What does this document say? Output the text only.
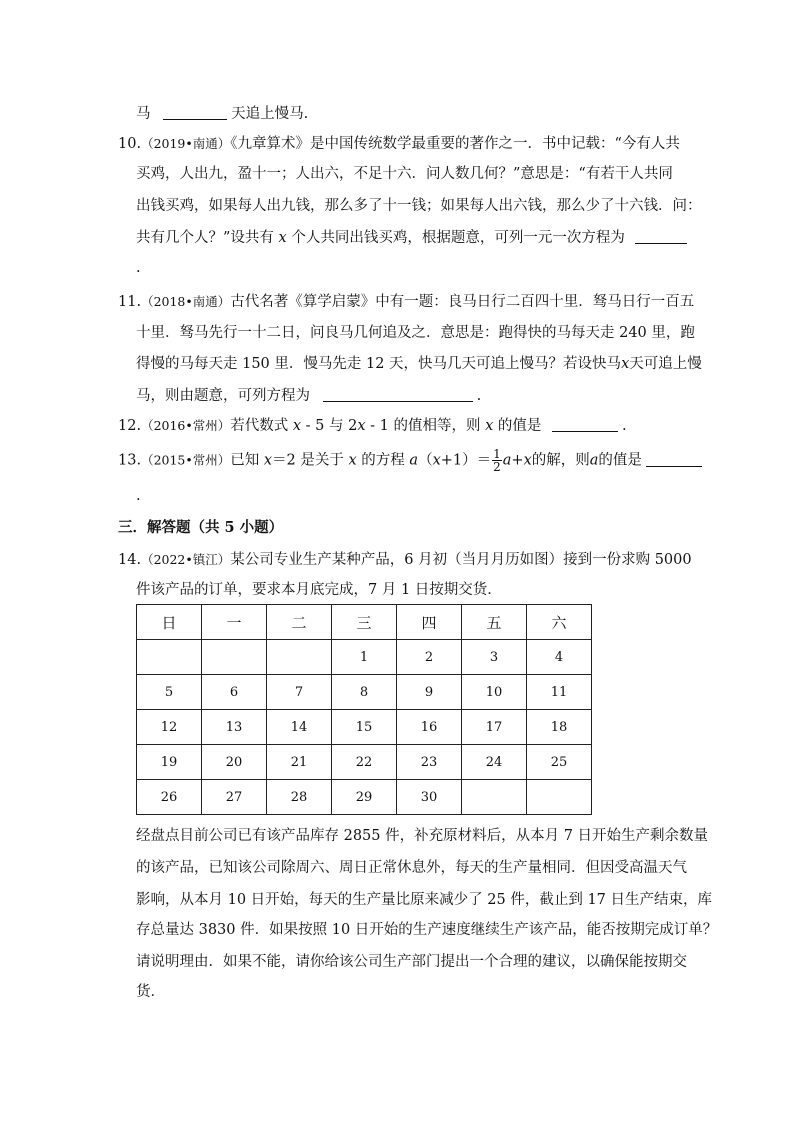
马	天追上慢马.
10.（2019•南通）《九章算术》是中国传统数学最重要的著作之一．书中记载：“今有人共
买鸡，人出九，盈十一；人出六，不足十六．问人数几何？”意思是：“有若干人共同
出钱买鸡，如果每人出九钱，那么多了十一钱；如果每人出六钱，那么少了十六钱．问：
共有几个人？”设共有 x 个人共同出钱买鸡，根据题意，可列一元一次方程为
.
11.（2018•南通）古代名著《算学启蒙》中有一题：良马日行二百四十里．驽马日行一百五
十里．驽马先行一十二日，问良马几何追及之．意思是：跑得快的马每天走 240 里，跑
得慢的马每天走 150 里．慢马先走 12 天，快马几天可追上慢马？若设快马x天可追上慢
马，则由题意，可列方程为	.
12.（2016•常州）若代数式 x - 5 与 2x - 1 的值相等，则 x 的值是	.
13.（2015•常州）已知 x＝2 是关于 x 的方程 $a(x+1)= \frac{1}{2} a+x$的解，则a的值是
.
三．解答题（共 5 小题）
14.（2022•镇江）某公司专业生产某种产品，6 月初（当月月历如图）接到一份求购 5000
件该产品的订单，要求本月底完成，7 月 1 日按期交货．
日	一	二	三	四	五	六
			1	2	3	4
5	6	7	8	9	10	11
12	13	14	15	16	17	18
19	20	21	22	23	24	25
26	27	28	29	30		
经盘点目前公司已有该产品库存 2855 件，补充原材料后，从本月 7 日开始生产剩余数量
的该产品，已知该公司除周六、周日正常休息外，每天的生产量相同．但因受高温天气
影响，从本月 10 日开始，每天的生产量比原来减少了 25 件，截止到 17 日生产结束，库
存总量达 3830 件．如果按照 10 日开始的生产速度继续生产该产品，能否按期完成订单？
请说明理由．如果不能，请你给该公司生产部门提出一个合理的建议，以确保能按期交
货．
